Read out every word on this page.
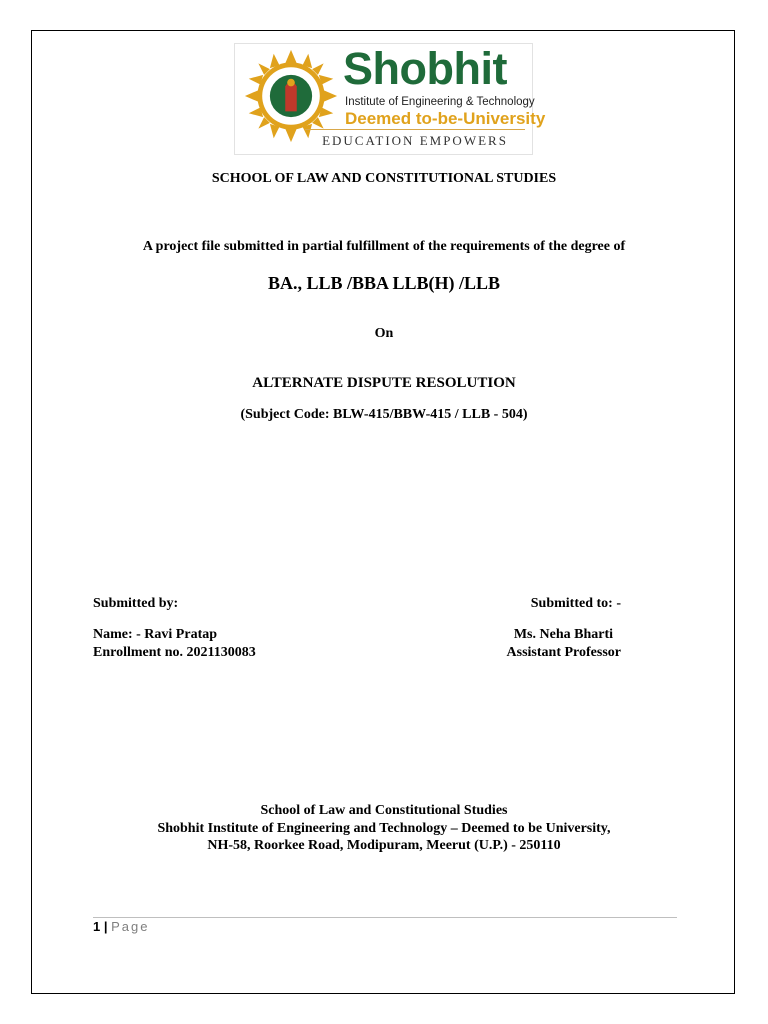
Shobhit
Institute of Engineering & Technology
Deemed to-be-University
EDUCATION EMPOWERS
SCHOOL OF LAW AND CONSTITUTIONAL STUDIES
A project file submitted in partial fulfillment of the requirements of the degree of
BA., LLB /BBA LLB(H) /LLB
On
ALTERNATE DISPUTE RESOLUTION
(Subject Code: BLW-415/BBW-415 / LLB - 504)
Submitted by:
Name: - Ravi Pratap
Enrollment no. 2021130083
Submitted to: -
Ms. Neha Bharti
Assistant Professor
School of Law and Constitutional Studies
Shobhit Institute of Engineering and Technology – Deemed to be University,
NH-58, Roorkee Road, Modipuram, Meerut (U.P.) - 250110
1 | Page
